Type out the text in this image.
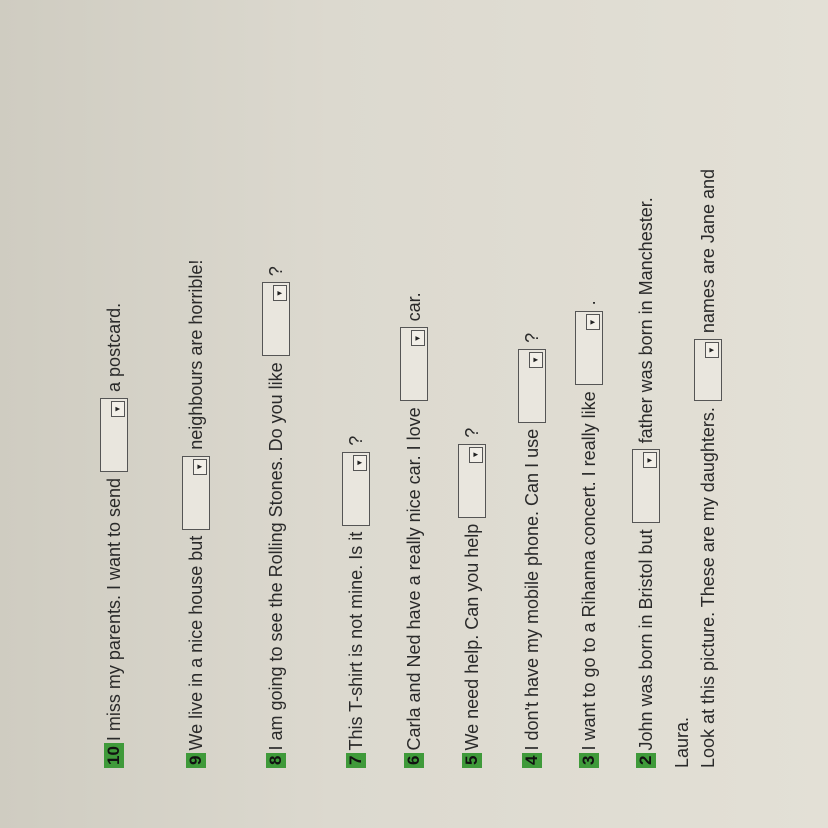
Look at this picture. These are my daughters.
▼
names are Jane and
Laura.
2
John was born in Bristol but
▼
father was born in Manchester.
3
I want to go to a Rihanna concert. I really like
▼
.
4
I don't have my mobile phone. Can I use
▼
?
5
We need help. Can you help
▼
?
6
Carla and Ned have a really nice car. I love
▼
car.
7
This T-shirt is not mine. Is it
▼
?
8
I am going to see the Rolling Stones. Do you like
▼
?
9
We live in a nice house but
▼
neighbours are horrible!
10
I miss my parents. I want to send
▼
a postcard.
